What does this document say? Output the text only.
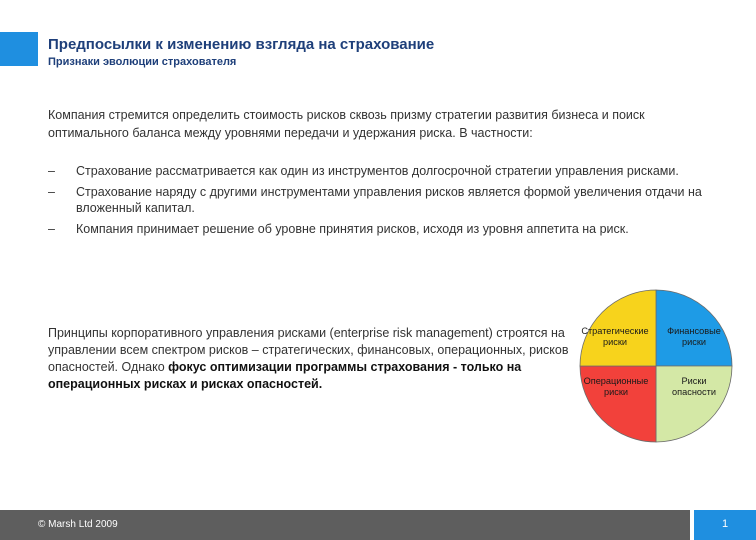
Предпосылки к изменению взгляда на страхование
Признаки эволюции страхователя
Компания стремится определить стоимость рисков сквозь призму стратегии развития бизнеса и поиск оптимального баланса между уровнями передачи и удержания риска. В частности:
–	Страхование рассматривается как один из инструментов долгосрочной стратегии управления рисками.
–	Страхование наряду с другими инструментами управления рисков является формой увеличения отдачи на вложенный капитал.
–	Компания принимает решение об уровне принятия рисков, исходя из уровня аппетита на риск.
Принципы корпоративного управления рисками (enterprise risk management) строятся на управлении всем спектром рисков – стратегических, финансовых, операционных, рисков опасностей. Однако фокус оптимизации программы страхования - только на операционных рисках и рисках опасностей.
Стратегические риски
Финансовые риски
Риски опасности
Операционные риски
© Marsh Ltd 2009	1
